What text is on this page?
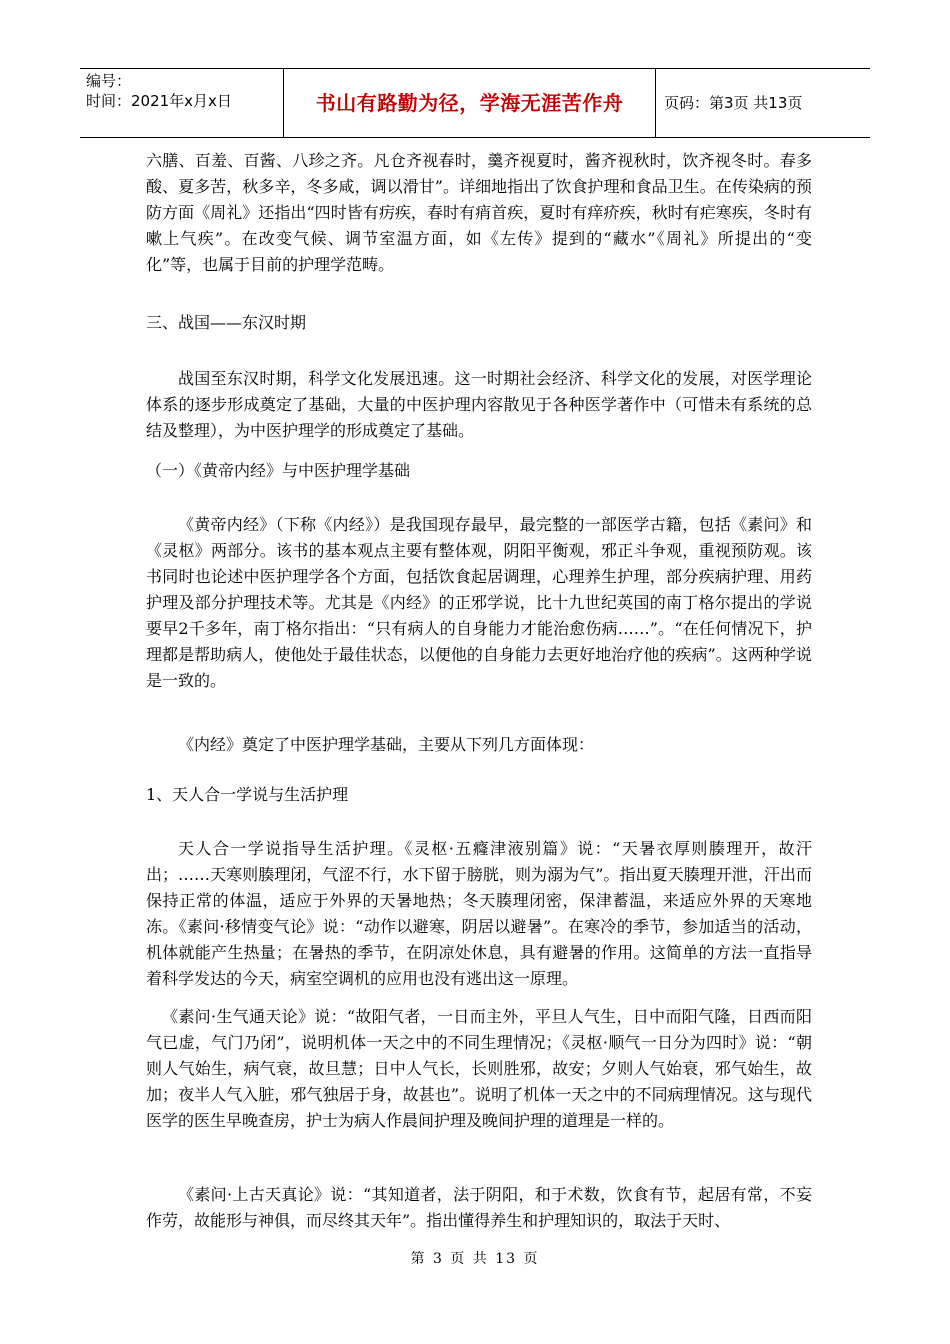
编号：
时间：2021年x月x日	书山有路勤为径，学海无涯苦作舟	页码：第3页 共13页

六膳、百羞、百酱、八珍之齐。凡仓齐视春时，羹齐视夏时，酱齐视秋时，饮齐视冬时。春多酸、夏多苦，秋多辛，冬多咸，调以滑甘”。详细地指出了饮食护理和食品卫生。在传染病的预防方面《周礼》还指出“四时皆有疠疾，春时有痟首疾，夏时有痒疥疾，秋时有疟寒疾，冬时有嗽上气疾”。在改变气候、调节室温方面，如《左传》提到的“藏水”《周礼》所提出的“变化”等，也属于目前的护理学范畴。

三、战国——东汉时期

战国至东汉时期，科学文化发展迅速。这一时期社会经济、科学文化的发展，对医学理论体系的逐步形成奠定了基础，大量的中医护理内容散见于各种医学著作中（可惜未有系统的总结及整理），为中医护理学的形成奠定了基础。

（一）《黄帝内经》与中医护理学基础

《黄帝内经》（下称《内经》）是我国现存最早，最完整的一部医学古籍，包括《素问》和《灵枢》两部分。该书的基本观点主要有整体观，阴阳平衡观，邪正斗争观，重视预防观。该书同时也论述中医护理学各个方面，包括饮食起居调理，心理养生护理，部分疾病护理、用药护理及部分护理技术等。尤其是《内经》的正邪学说，比十九世纪英国的南丁格尔提出的学说要早2千多年，南丁格尔指出：“只有病人的自身能力才能治愈伤病……”。“在任何情况下，护理都是帮助病人，使他处于最佳状态，以便他的自身能力去更好地治疗他的疾病”。这两种学说是一致的。

《内经》奠定了中医护理学基础，主要从下列几方面体现：

1、天人合一学说与生活护理

天人合一学说指导生活护理。《灵枢·五癃津液别篇》说：“天暑衣厚则腠理开，故汗出；……天寒则腠理闭，气涩不行，水下留于膀胱，则为溺为气”。指出夏天腠理开泄，汗出而保持正常的体温，适应于外界的天暑地热；冬天腠理闭密，保津蓄温，来适应外界的天寒地冻。《素问·移情变气论》说：“动作以避寒，阴居以避暑”。在寒冷的季节，参加适当的活动，机体就能产生热量；在暑热的季节，在阴凉处休息，具有避暑的作用。这简单的方法一直指导着科学发达的今天，病室空调机的应用也没有逃出这一原理。

《素问·生气通天论》说：“故阳气者，一日而主外，平旦人气生，日中而阳气隆，日西而阳气已虚，气门乃闭”，说明机体一天之中的不同生理情况；《灵枢·顺气一日分为四时》说：“朝则人气始生，病气衰，故旦慧；日中人气长，长则胜邪，故安；夕则人气始衰，邪气始生，故加；夜半人气入脏，邪气独居于身，故甚也”。说明了机体一天之中的不同病理情况。这与现代医学的医生早晚查房，护士为病人作晨间护理及晚间护理的道理是一样的。

《素问·上古天真论》说：“其知道者，法于阴阳，和于术数，饮食有节，起居有常，不妄作劳，故能形与神俱，而尽终其天年”。指出懂得养生和护理知识的，取法于天时、

第 3 页 共 13 页
